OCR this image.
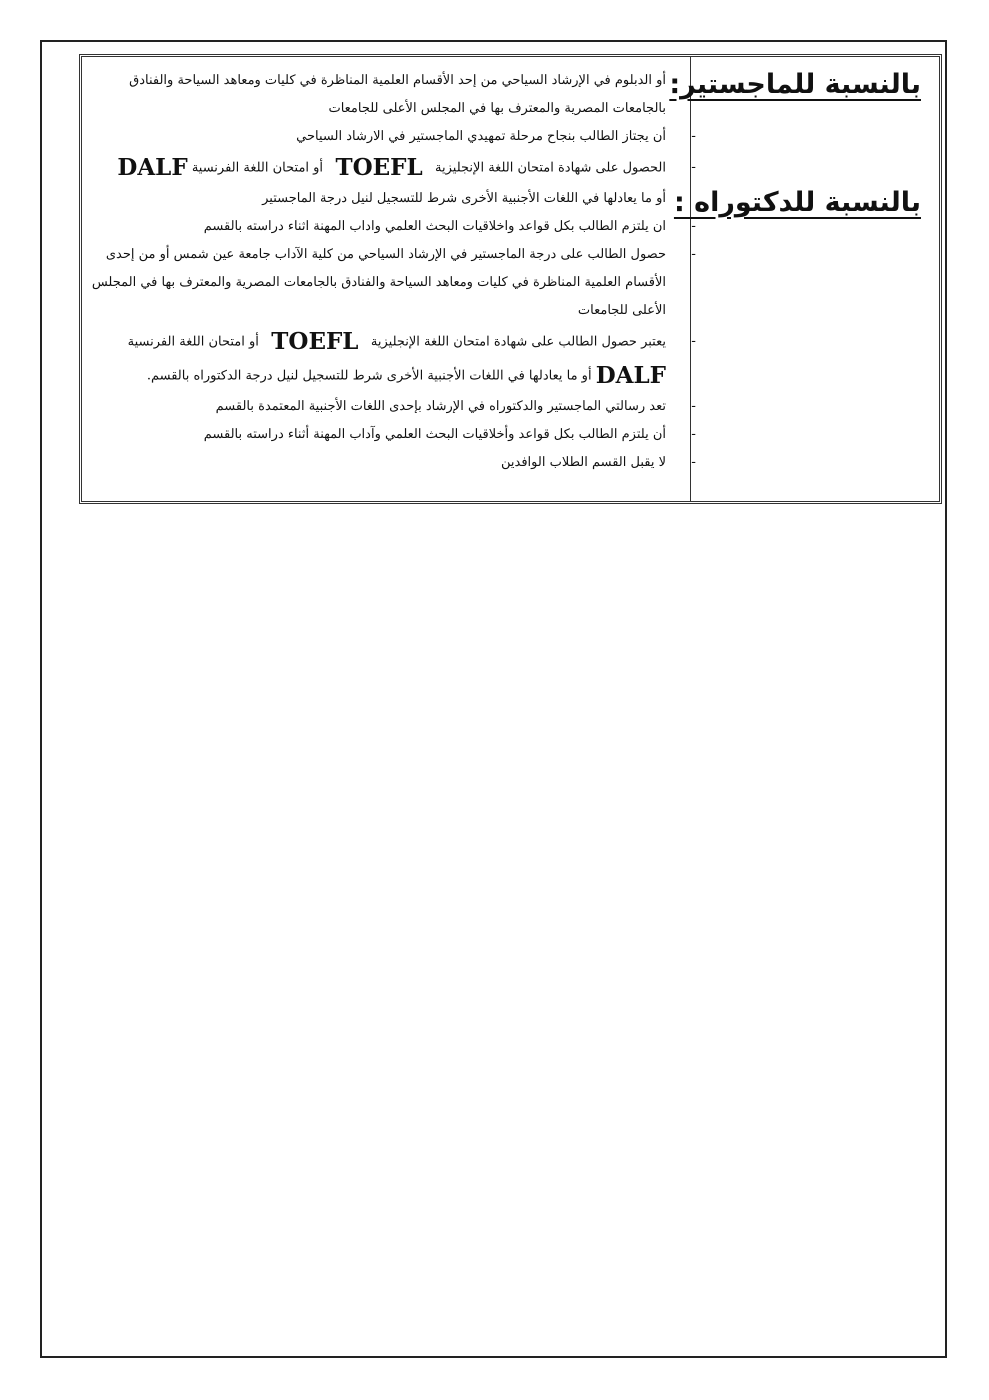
بالنسبة للماجستير:
بالنسبة للدكتوراه :
أو الدبلوم في الإرشاد السياحي من إحد الأقسام العلمية المناظرة في كليات ومعاهد السياحة والفنادق
بالجامعات المصرية والمعترف بها في المجلس الأعلى للجامعات
-
أن يجتاز الطالب بنجاح مرحلة تمهيدي الماجستير في الارشاد السياحي
-
الحصول على شهادة امتحان اللغة الإنجليزية   TOEFL   أو امتحان اللغة الفرنسية DALF
أو ما يعادلها في اللغات الأجنبية الأخرى شرط للتسجيل لنيل درجة الماجستير
-
ان يلتزم الطالب بكل قواعد واخلاقيات البحث العلمي واداب المهنة اثناء دراسته بالقسم
-
حصول الطالب على درجة الماجستير في الإرشاد السياحي من كلية الآداب جامعة عين شمس أو من إحدى
الأقسام العلمية المناظرة في كليات ومعاهد السياحة والفنادق بالجامعات المصرية والمعترف بها في المجلس
الأعلى للجامعات
-
يعتبر حصول الطالب على شهادة امتحان اللغة الإنجليزية   TOEFL   أو امتحان اللغة الفرنسية
DALF أو ما يعادلها في اللغات الأجنبية الأخرى شرط للتسجيل لنيل درجة الدكتوراه بالقسم.
-
تعد رسالتي الماجستير والدكتوراه في الإرشاد بإحدى اللغات الأجنبية المعتمدة بالقسم
-
أن يلتزم الطالب بكل قواعد وأخلاقيات البحث العلمي وآداب المهنة أثناء دراسته بالقسم
-
لا يقبل القسم الطلاب الوافدين
